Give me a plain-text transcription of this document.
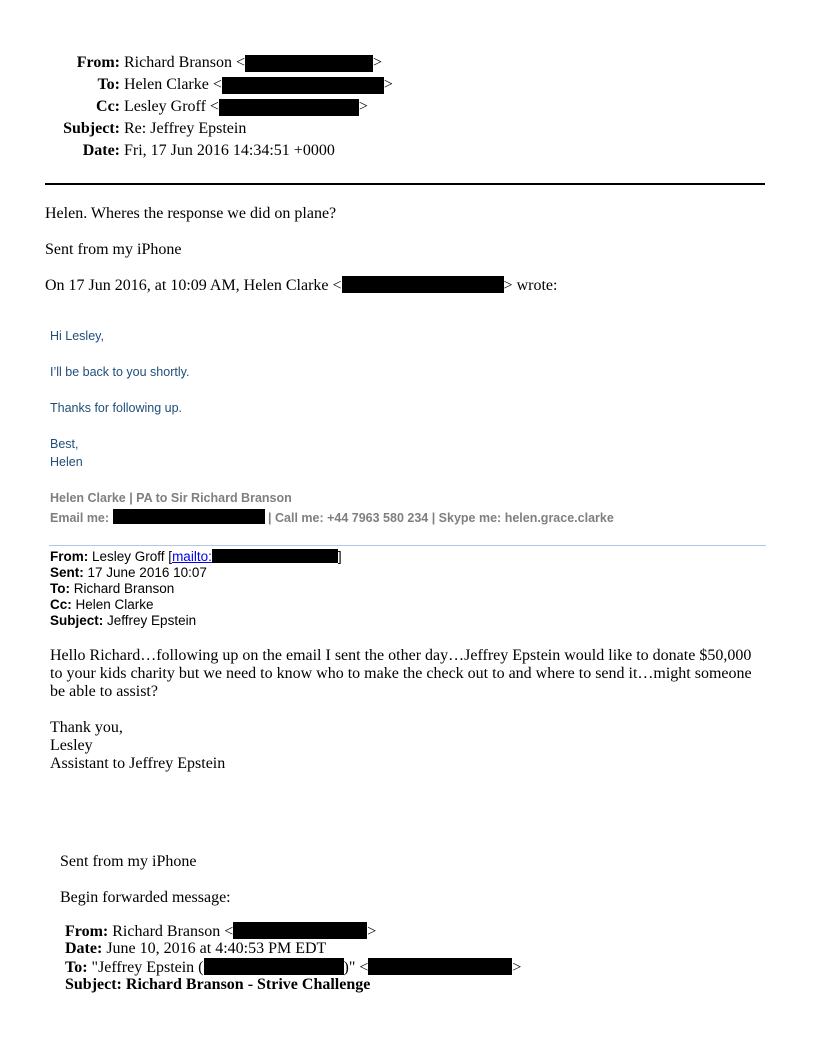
From: Richard Branson <	>
To: Helen Clarke <	>
Cc: Lesley Groff <	>
Subject: Re: Jeffrey Epstein
Date: Fri, 17 Jun 2016 14:34:51 +0000
Helen. Wheres the response we did on plane?
Sent from my iPhone
On 17 Jun 2016, at 10:09 AM, Helen Clarke <	> wrote:
Hi Lesley,
I’ll be back to you shortly.
Thanks for following up.
Best,
Helen
Helen Clarke | PA to Sir Richard Branson
Email me:	| Call me: +44 7963 580 234 | Skype me: helen.grace.clarke
From: Lesley Groff [mailto:	]
Sent: 17 June 2016 10:07
To: Richard Branson
Cc: Helen Clarke
Subject: Jeffrey Epstein
Hello Richard…following up on the email I sent the other day…Jeffrey Epstein would like to donate $50,000 to your kids charity but we need to know who to make the check out to and where to send it…might someone be able to assist?
Thank you,
Lesley
Assistant to Jeffrey Epstein
Sent from my iPhone
Begin forwarded message:
From: Richard Branson <	>
Date: June 10, 2016 at 4:40:53 PM EDT
To: "Jeffrey Epstein (	)" <	>
Subject: Richard Branson - Strive Challenge
